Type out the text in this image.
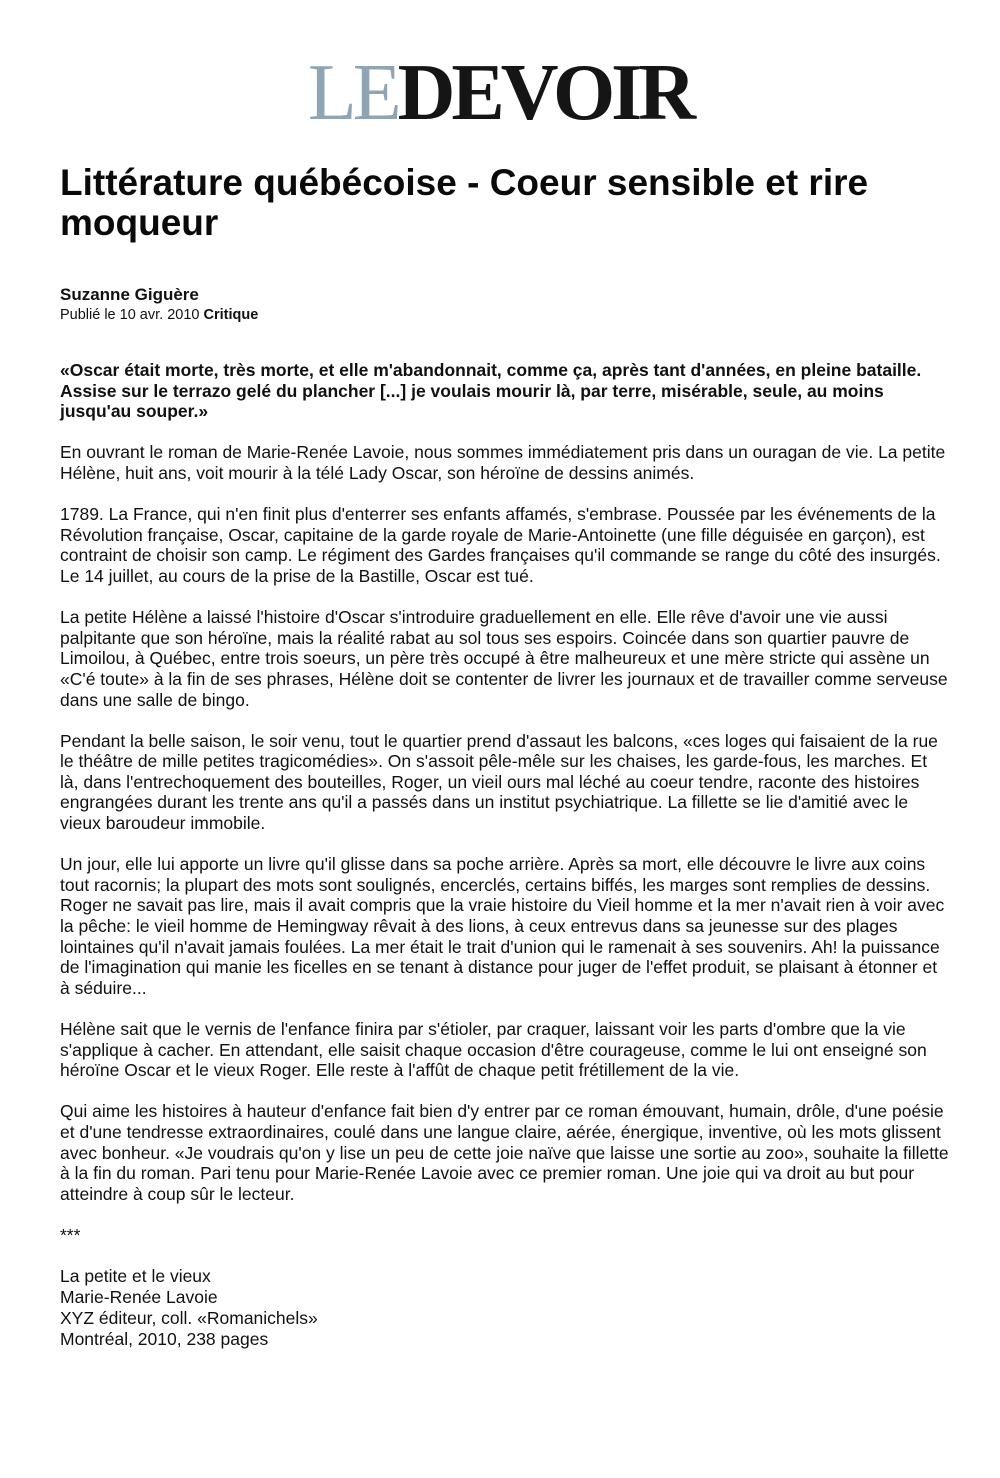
LEDEVOIR
Littérature québécoise - Coeur sensible et rire moqueur
Suzanne Giguère
Publié le 10 avr. 2010 Critique

«Oscar était morte, très morte, et elle m'abandonnait, comme ça, après tant d'années, en pleine bataille. Assise sur le terrazo gelé du plancher [...] je voulais mourir là, par terre, misérable, seule, au moins jusqu'au souper.»

En ouvrant le roman de Marie-Renée Lavoie, nous sommes immédiatement pris dans un ouragan de vie. La petite Hélène, huit ans, voit mourir à la télé Lady Oscar, son héroïne de dessins animés.

1789. La France, qui n'en finit plus d'enterrer ses enfants affamés, s'embrase. Poussée par les événements de la Révolution française, Oscar, capitaine de la garde royale de Marie-Antoinette (une fille déguisée en garçon), est contraint de choisir son camp. Le régiment des Gardes françaises qu'il commande se range du côté des insurgés. Le 14 juillet, au cours de la prise de la Bastille, Oscar est tué.

La petite Hélène a laissé l'histoire d'Oscar s'introduire graduellement en elle. Elle rêve d'avoir une vie aussi palpitante que son héroïne, mais la réalité rabat au sol tous ses espoirs. Coincée dans son quartier pauvre de Limoilou, à Québec, entre trois soeurs, un père très occupé à être malheureux et une mère stricte qui assène un «C'é toute» à la fin de ses phrases, Hélène doit se contenter de livrer les journaux et de travailler comme serveuse dans une salle de bingo.

Pendant la belle saison, le soir venu, tout le quartier prend d'assaut les balcons, «ces loges qui faisaient de la rue le théâtre de mille petites tragicomédies». On s'assoit pêle-mêle sur les chaises, les garde-fous, les marches. Et là, dans l'entrechoquement des bouteilles, Roger, un vieil ours mal léché au coeur tendre, raconte des histoires engrangées durant les trente ans qu'il a passés dans un institut psychiatrique. La fillette se lie d'amitié avec le vieux baroudeur immobile.

Un jour, elle lui apporte un livre qu'il glisse dans sa poche arrière. Après sa mort, elle découvre le livre aux coins tout racornis; la plupart des mots sont soulignés, encerclés, certains biffés, les marges sont remplies de dessins. Roger ne savait pas lire, mais il avait compris que la vraie histoire du Vieil homme et la mer n'avait rien à voir avec la pêche: le vieil homme de Hemingway rêvait à des lions, à ceux entrevus dans sa jeunesse sur des plages lointaines qu'il n'avait jamais foulées. La mer était le trait d'union qui le ramenait à ses souvenirs. Ah! la puissance de l'imagination qui manie les ficelles en se tenant à distance pour juger de l'effet produit, se plaisant à étonner et à séduire...

Hélène sait que le vernis de l'enfance finira par s'étioler, par craquer, laissant voir les parts d'ombre que la vie s'applique à cacher. En attendant, elle saisit chaque occasion d'être courageuse, comme le lui ont enseigné son héroïne Oscar et le vieux Roger. Elle reste à l'affût de chaque petit frétillement de la vie.

Qui aime les histoires à hauteur d'enfance fait bien d'y entrer par ce roman émouvant, humain, drôle, d'une poésie et d'une tendresse extraordinaires, coulé dans une langue claire, aérée, énergique, inventive, où les mots glissent avec bonheur. «Je voudrais qu'on y lise un peu de cette joie naïve que laisse une sortie au zoo», souhaite la fillette à la fin du roman. Pari tenu pour Marie-Renée Lavoie avec ce premier roman. Une joie qui va droit au but pour atteindre à coup sûr le lecteur.

***

La petite et le vieux
Marie-Renée Lavoie
XYZ éditeur, coll. «Romanichels»
Montréal, 2010, 238 pages
